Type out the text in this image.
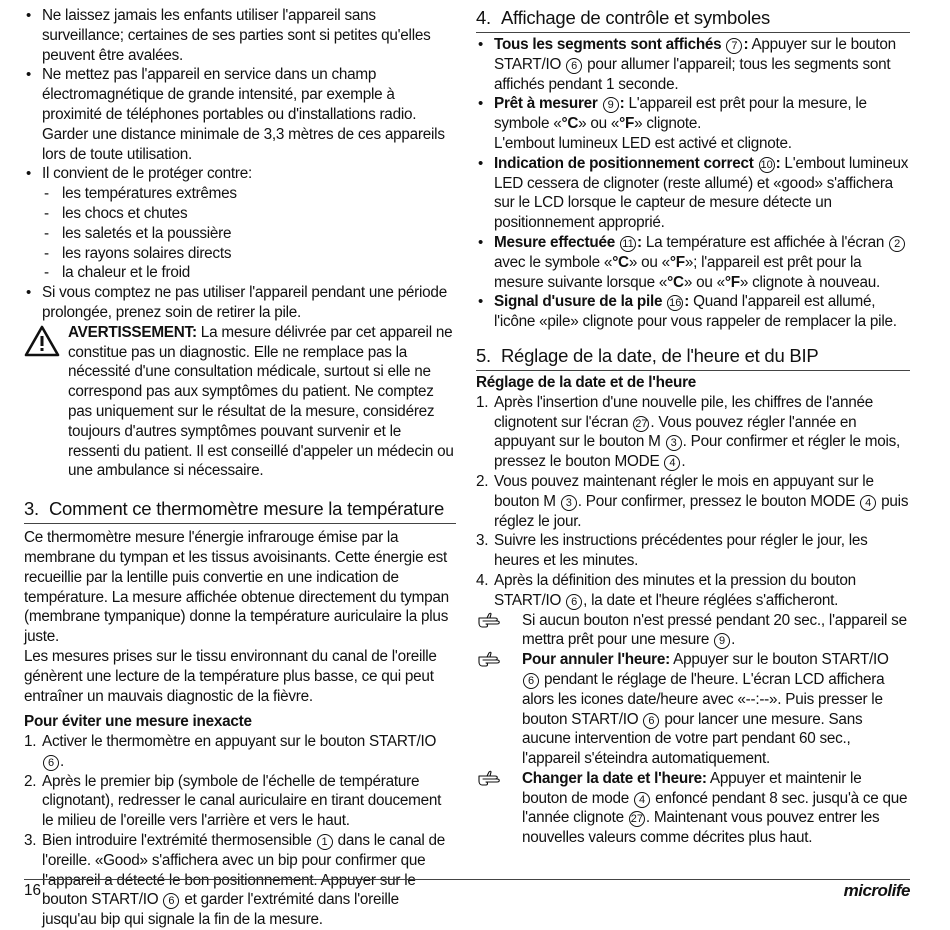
• Ne laissez jamais les enfants utiliser l'appareil sans surveillance; certaines de ses parties sont si petites qu'elles peuvent être avalées.
• Ne mettez pas l'appareil en service dans un champ électromagnétique de grande intensité, par exemple à proximité de téléphones portables ou d'installations radio. Garder une distance minimale de 3,3 mètres de ces appareils lors de toute utilisation.
• Il convient de le protéger contre:
- les températures extrêmes
- les chocs et chutes
- les saletés et la poussière
- les rayons solaires directs
- la chaleur et le froid
• Si vous comptez ne pas utiliser l'appareil pendant une période prolongée, prenez soin de retirer la pile.
AVERTISSEMENT: La mesure délivrée par cet appareil ne constitue pas un diagnostic. Elle ne remplace pas la nécessité d'une consultation médicale, surtout si elle ne correspond pas aux symptômes du patient. Ne comptez pas uniquement sur le résultat de la mesure, considérez toujours d'autres symptômes pouvant survenir et le ressenti du patient. Il est conseillé d'appeler un médecin ou une ambulance si nécessaire.
3. Comment ce thermomètre mesure la température

Ce thermomètre mesure l'énergie infrarouge émise par la membrane du tympan et les tissus avoisinants. Cette énergie est recueillie par la lentille puis convertie en une indication de température. La mesure affichée obtenue directement du tympan (membrane tympanique) donne la température auriculaire la plus juste.

Les mesures prises sur le tissu environnant du canal de l'oreille génèrent une lecture de la température plus basse, ce qui peut entraîner un mauvais diagnostic de la fièvre.

Pour éviter une mesure inexacte

1. Activer le thermomètre en appuyant sur le bouton START/IO 6 .
2. Après le premier bip (symbole de l'échelle de température clignotant), redresser le canal auriculaire en tirant doucement le milieu de l'oreille vers l'arrière et vers le haut.
3. Bien introduire l'extrémité thermosensible 1 dans le canal de l'oreille. «Good» s'affichera avec un bip pour confirmer que l'appareil a détecté le bon positionnement. Appuyer sur le bouton START/IO 6 et garder l'extrémité dans l'oreille jusqu'au bip qui signale la fin de la mesure.
4. Affichage de contrôle et symboles
• Tous les segments sont affichés 7 : Appuyer sur le bouton START/IO 6 pour allumer l'appareil; tous les segments sont affichés pendant 1 seconde.
• Prêt à mesurer 9 : L'appareil est prêt pour la mesure, le symbole «°C» ou «°F» clignote.
L'embout lumineux LED est activé et clignote.
• Indication de positionnement correct 10 : L'embout lumineux LED cessera de clignoter (reste allumé) et «good» s'affichera sur le LCD lorsque le capteur de mesure détecte un positionnement approprié.
• Mesure effectuée 11 : La température est affichée à l'écran 2 avec le symbole «°C» ou «°F»; l'appareil est prêt pour la mesure suivante lorsque «°C» ou «°F» clignote à nouveau.
• Signal d'usure de la pile 16 : Quand l'appareil est allumé, l'icône «pile» clignote pour vous rappeler de remplacer la pile.
5. Réglage de la date, de l'heure et du BIP

Réglage de la date et de l'heure

1. Après l'insertion d'une nouvelle pile, les chiffres de l'année clignotent sur l'écran 27 . Vous pouvez régler l'année en appuyant sur le bouton M 3 . Pour confirmer et régler le mois, pressez le bouton MODE 4 .
2. Vous pouvez maintenant régler le mois en appuyant sur le bouton M 3 . Pour confirmer, pressez le bouton MODE 4 puis réglez le jour.
3. Suivre les instructions précédentes pour régler le jour, les heures et les minutes.
4. Après la définition des minutes et la pression du bouton START/IO 6 , la date et l'heure réglées s'afficheront.
Si aucun bouton n'est pressé pendant 20 sec., l'appareil se mettra prêt pour une mesure 9 .
Pour annuler l'heure: Appuyer sur le bouton START/IO 6 pendant le réglage de l'heure. L'écran LCD affichera alors les icones date/heure avec «--:--». Puis presser le bouton START/IO 6 pour lancer une mesure. Sans aucune intervention de votre part pendant 60 sec., l'appareil s'éteindra automatiquement.
Changer la date et l'heure: Appuyer et maintenir le bouton de mode 4 enfoncé pendant 8 sec. jusqu'à ce que l'année clignote 27 . Maintenant vous pouvez entrer les nouvelles valeurs comme décrites plus haut.
16	microlife
